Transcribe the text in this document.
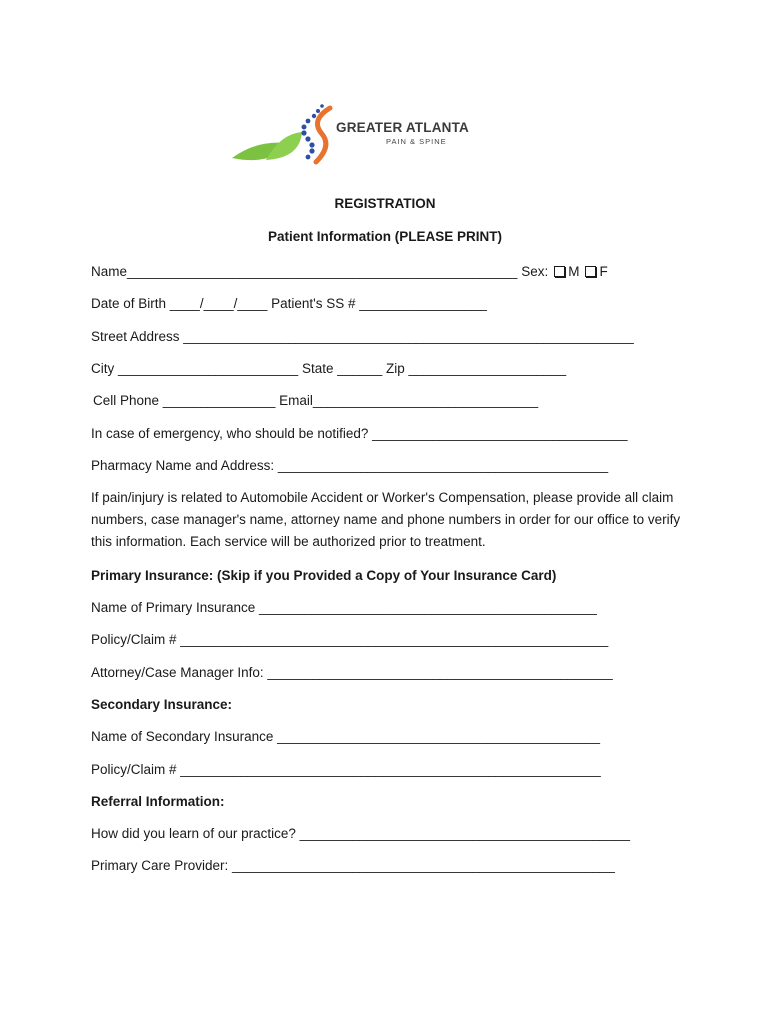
GREATER ATLANTA
PAIN & SPINE
REGISTRATION
Patient Information (PLEASE PRINT)
Name____________________________________________________ Sex: M F
Date of Birth ____/____/____ Patient's SS # _________________
Street Address ____________________________________________________________
City ________________________ State ______ Zip _____________________
Cell Phone _______________ Email______________________________
In case of emergency, who should be notified? __________________________________
Pharmacy Name and Address: ____________________________________________
If pain/injury is related to Automobile Accident or Worker's Compensation, please provide all claim numbers, case manager's name, attorney name and phone numbers in order for our office to verify this information. Each service will be authorized prior to treatment.
Primary Insurance: (Skip if you Provided a Copy of Your Insurance Card)
Name of Primary Insurance _____________________________________________
Policy/Claim # _________________________________________________________
Attorney/Case Manager Info: ______________________________________________
Secondary Insurance:
Name of Secondary Insurance ___________________________________________
Policy/Claim # ________________________________________________________
Referral Information:
How did you learn of our practice? ____________________________________________
Primary Care Provider: ___________________________________________________
